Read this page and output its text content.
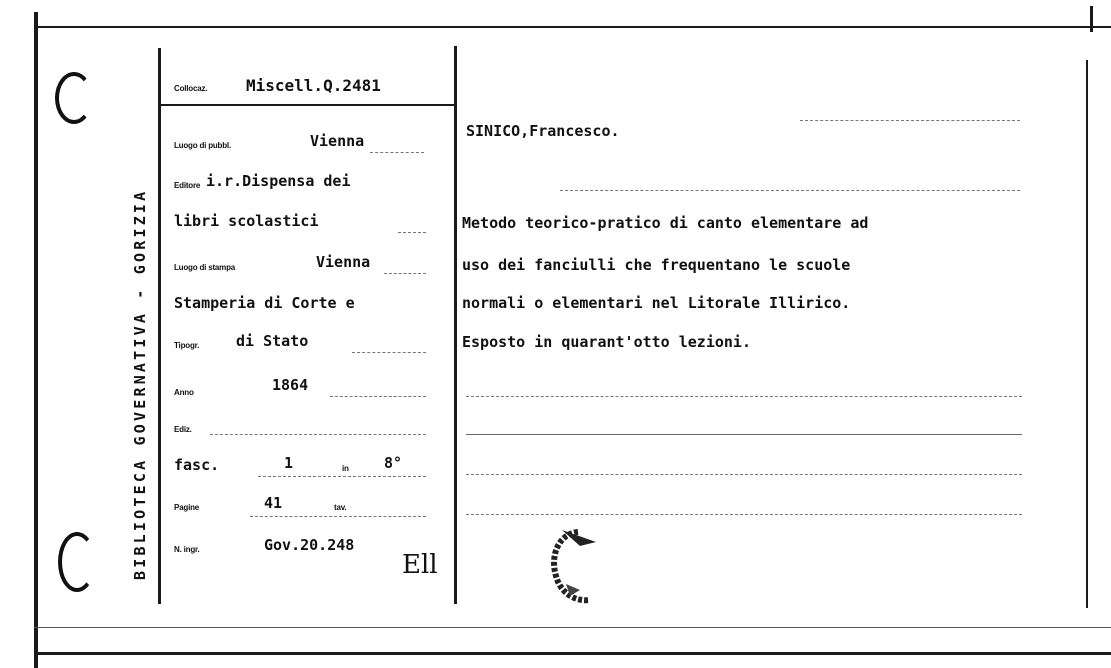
BIBLIOTECA GOVERNATIVA - GORIZIA
Collocaz. Miscell.Q.2481
Luogo di pubbl.	Vienna
Editore i.r.Dispensa dei
libri scolastici
Luogo di stampa	Vienna
Stamperia di Corte e
Tipogr. di Stato
Anno	1864
Ediz.
fasc.	1	in 8°
Pagine	41	tav.
N. ingr.	Gov.20.248
Ell
SINICO,Francesco.
Metodo teorico-pratico di canto elementare ad
uso dei fanciulli che frequentano le scuole
normali o elementari nel Litorale Illirico.
Esposto in quarant'otto lezioni.
